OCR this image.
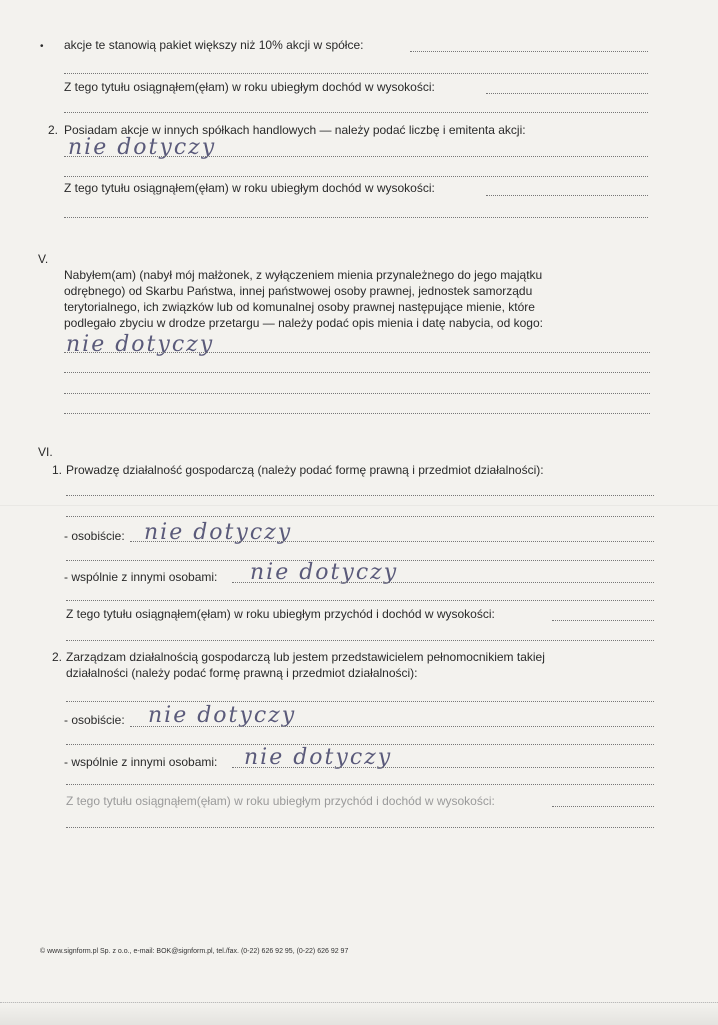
• akcje te stanowią pakiet większy niż 10% akcji w spółce:
Z tego tytułu osiągnąłem(ęłam) w roku ubiegłym dochód w wysokości:
2. Posiadam akcje w innych spółkach handlowych — należy podać liczbę i emitenta akcji:
nie dotyczy
Z tego tytułu osiągnąłem(ęłam) w roku ubiegłym dochód w wysokości:
V.
Nabyłem(am) (nabył mój małżonek, z wyłączeniem mienia przynależnego do jego majątku
odrębnego) od Skarbu Państwa, innej państwowej osoby prawnej, jednostek samorządu
terytorialnego, ich związków lub od komunalnej osoby prawnej następujące mienie, które
podlegało zbyciu w drodze przetargu — należy podać opis mienia i datę nabycia, od kogo:
nie dotyczy
VI.
1. Prowadzę działalność gospodarczą (należy podać formę prawną i przedmiot działalności):
- osobiście: nie dotyczy
- wspólnie z innymi osobami: nie dotyczy
Z tego tytułu osiągnąłem(ęłam) w roku ubiegłym przychód i dochód w wysokości:
2. Zarządzam działalnością gospodarczą lub jestem przedstawicielem pełnomocnikiem takiej
działalności (należy podać formę prawną i przedmiot działalności):
- osobiście: nie dotyczy
- wspólnie z innymi osobami: nie dotyczy
Z tego tytułu osiągnąłem(ęłam) w roku ubiegłym przychód i dochód w wysokości:
© www.signform.pl Sp. z o.o., e-mail: BOK@signform.pl, tel./fax. (0-22) 626 92 95, (0-22) 626 92 97
